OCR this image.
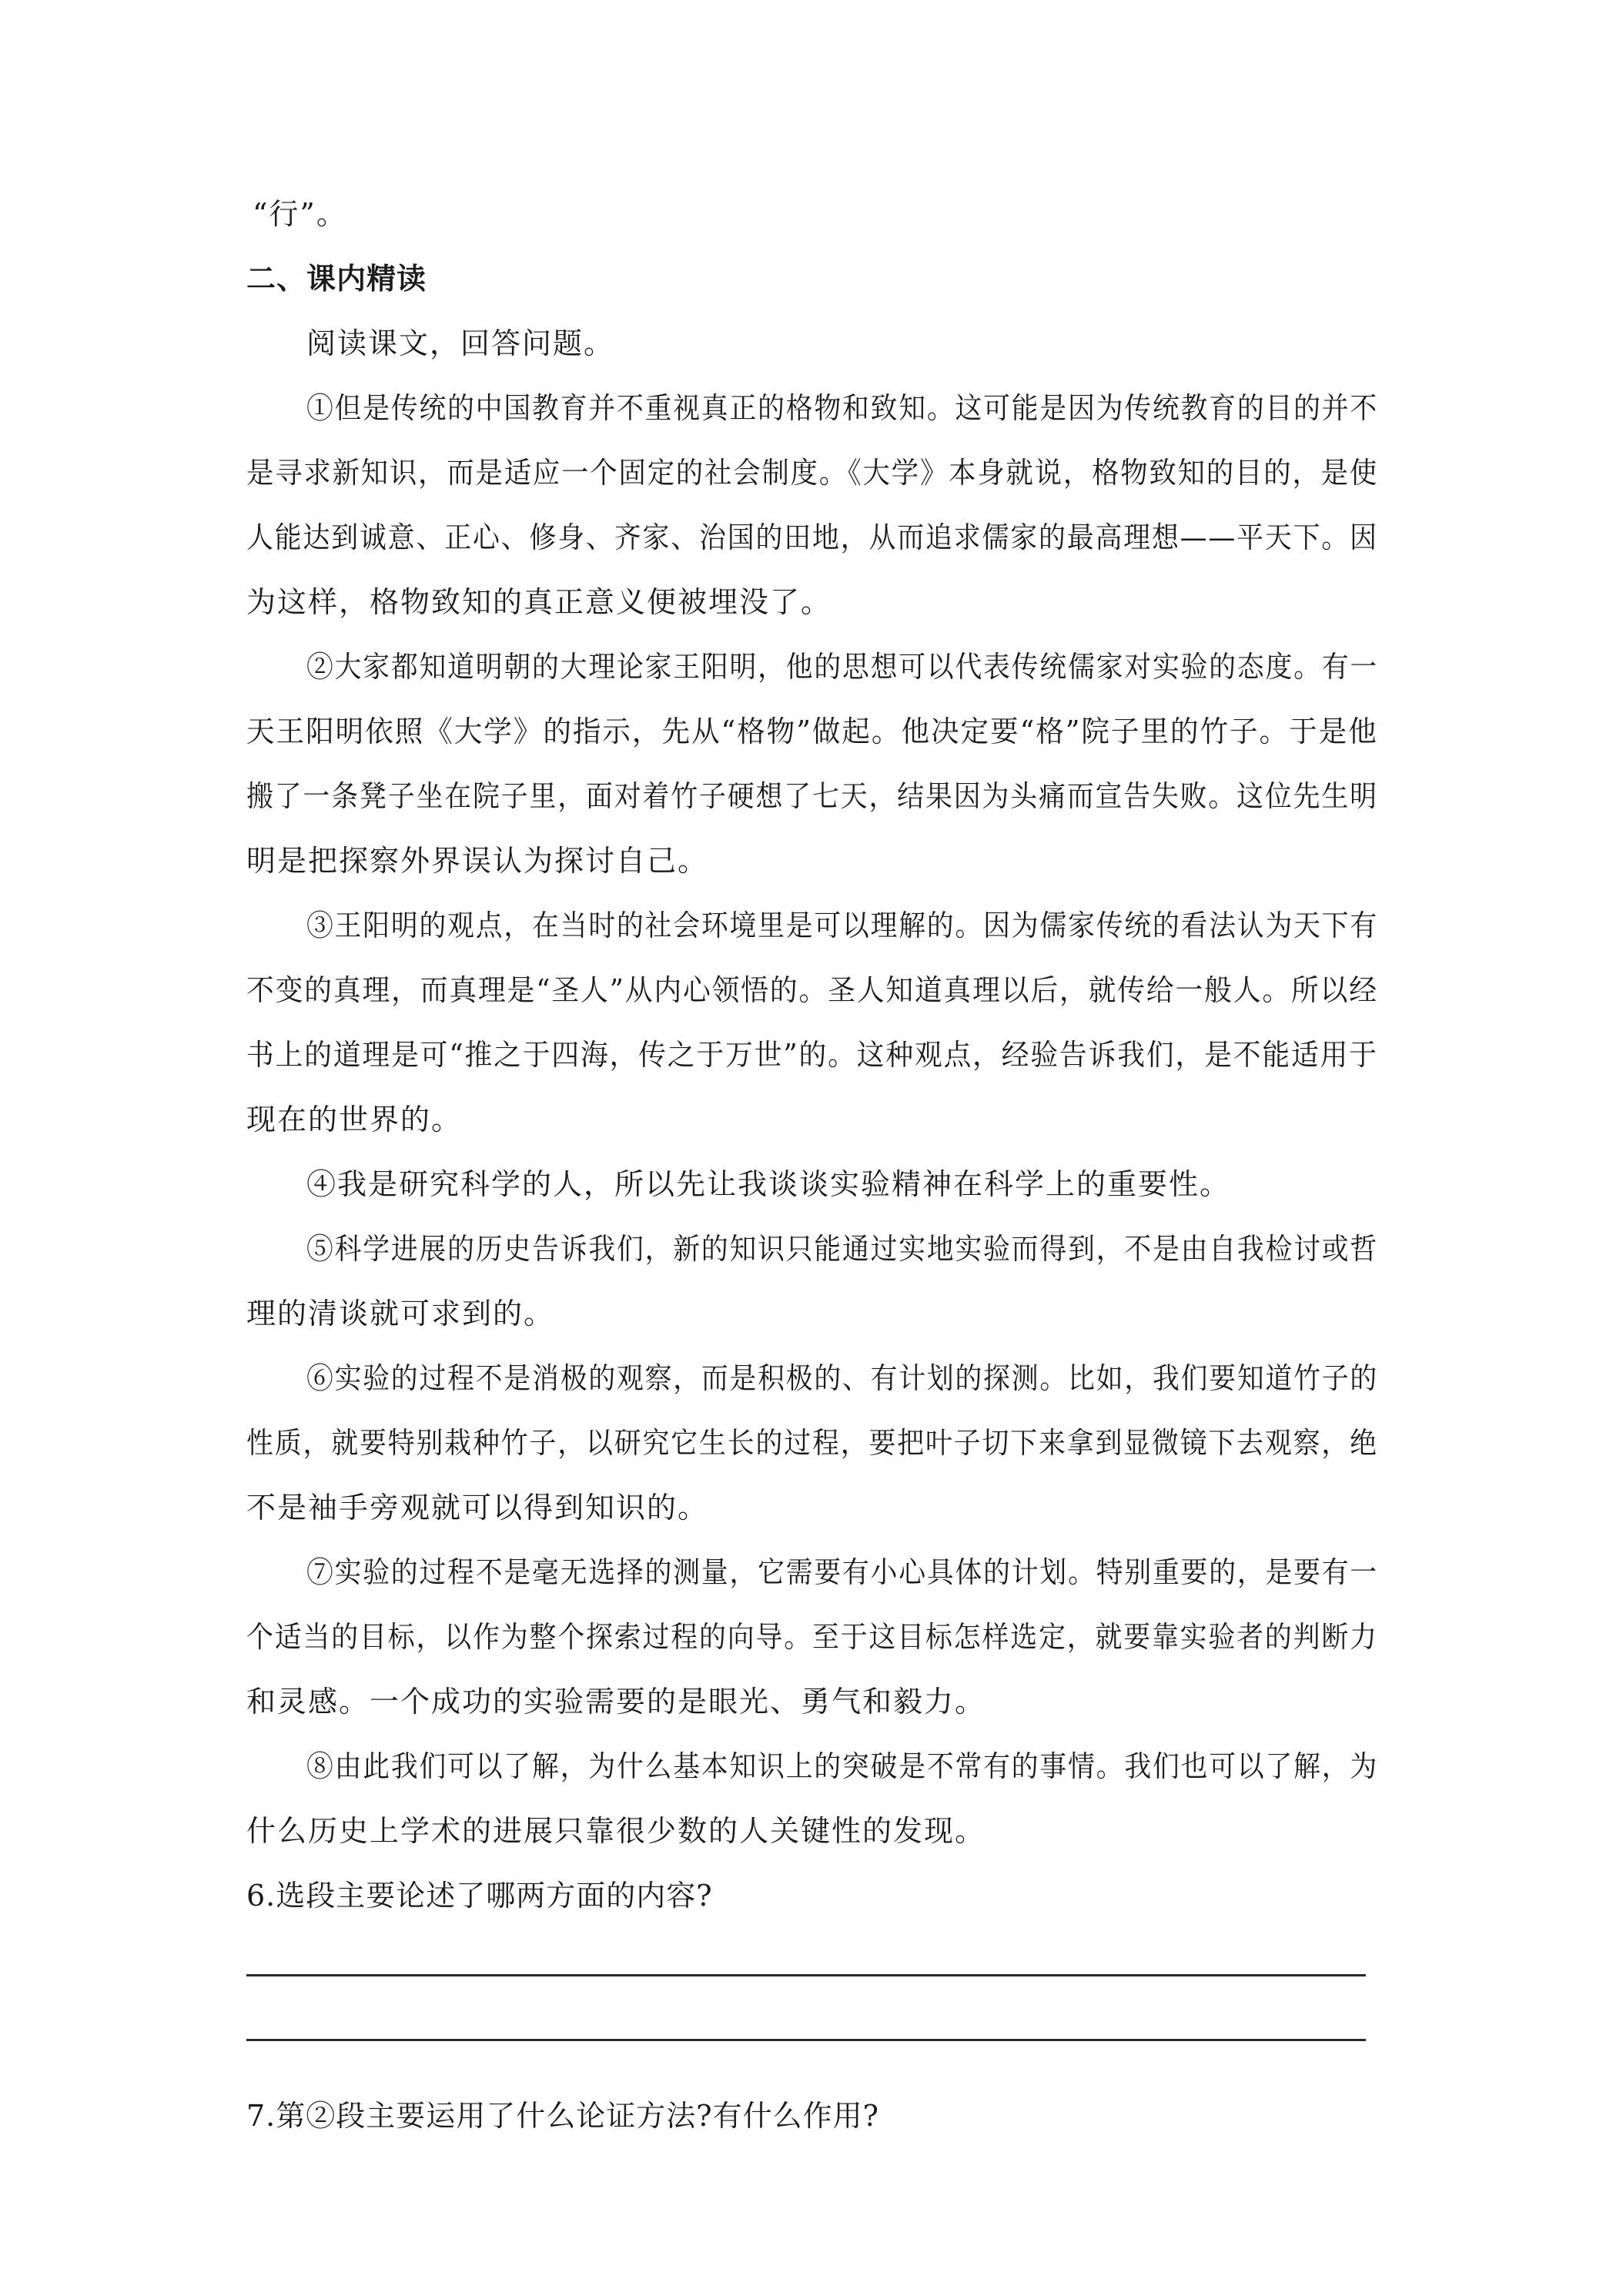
“行”。

二、课内精读

阅读课文，回答问题。

①但是传统的中国教育并不重视真正的格物和致知。这可能是因为传统教育的目的并不

是寻求新知识，而是适应一个固定的社会制度。《大学》本身就说，格物致知的目的，是使

人能达到诚意、正心、修身、齐家、治国的田地，从而追求儒家的最高理想——平天下。因

为这样，格物致知的真正意义便被埋没了。

②大家都知道明朝的大理论家王阳明，他的思想可以代表传统儒家对实验的态度。有一

天王阳明依照《大学》的指示，先从“格物”做起。他决定要“格”院子里的竹子。于是他

搬了一条凳子坐在院子里，面对着竹子硬想了七天，结果因为头痛而宣告失败。这位先生明

明是把探察外界误认为探讨自己。

③王阳明的观点，在当时的社会环境里是可以理解的。因为儒家传统的看法认为天下有

不变的真理，而真理是“圣人”从内心领悟的。圣人知道真理以后，就传给一般人。所以经

书上的道理是可“推之于四海，传之于万世”的。这种观点，经验告诉我们，是不能适用于

现在的世界的。

④我是研究科学的人，所以先让我谈谈实验精神在科学上的重要性。

⑤科学进展的历史告诉我们，新的知识只能通过实地实验而得到，不是由自我检讨或哲

理的清谈就可求到的。

⑥实验的过程不是消极的观察，而是积极的、有计划的探测。比如，我们要知道竹子的

性质，就要特别栽种竹子，以研究它生长的过程，要把叶子切下来拿到显微镜下去观察，绝

不是袖手旁观就可以得到知识的。

⑦实验的过程不是毫无选择的测量，它需要有小心具体的计划。特别重要的，是要有一

个适当的目标，以作为整个探索过程的向导。至于这目标怎样选定，就要靠实验者的判断力

和灵感。一个成功的实验需要的是眼光、勇气和毅力。

⑧由此我们可以了解，为什么基本知识上的突破是不常有的事情。我们也可以了解，为

什么历史上学术的进展只靠很少数的人关键性的发现。

6.选段主要论述了哪两方面的内容?

7.第②段主要运用了什么论证方法?有什么作用?
